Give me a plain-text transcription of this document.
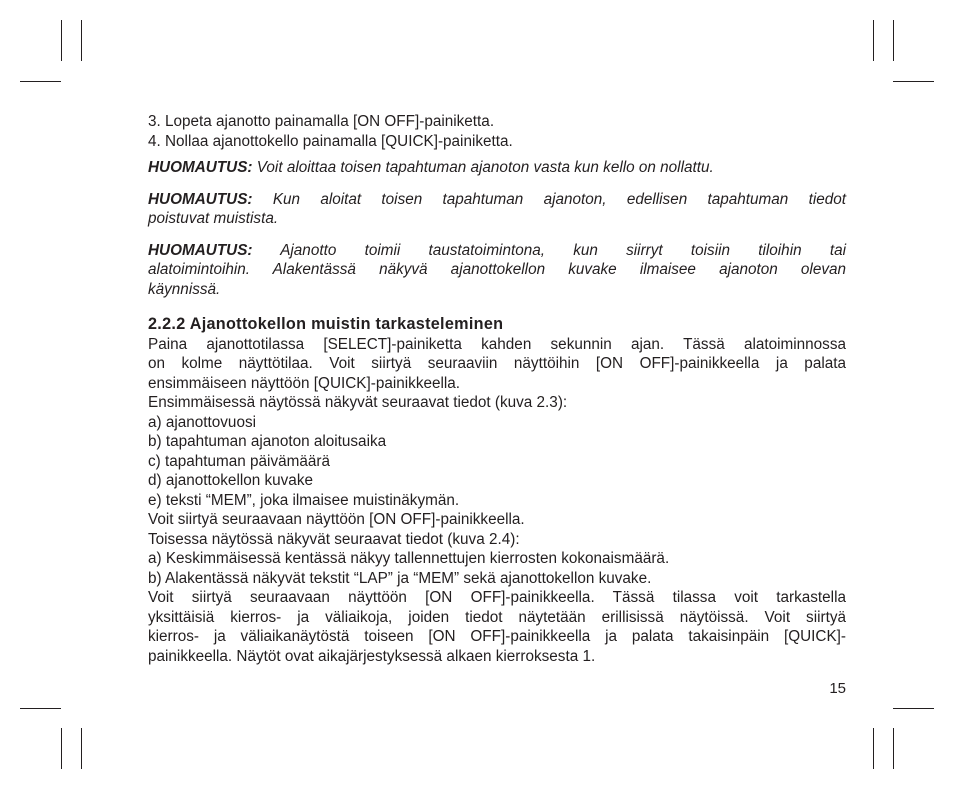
3. Lopeta ajanotto painamalla [ON OFF]-painiketta.
4. Nollaa ajanottokello painamalla [QUICK]-painiketta.
HUOMAUTUS: Voit aloittaa toisen tapahtuman ajanoton vasta kun kello on nollattu.
HUOMAUTUS: Kun aloitat toisen tapahtuman ajanoton, edellisen tapahtuman tiedot
poistuvat muistista.
HUOMAUTUS: Ajanotto toimii taustatoimintona, kun siirryt toisiin tiloihin tai
alatoimintoihin. Alakentässä näkyvä ajanottokellon kuvake ilmaisee ajanoton olevan
käynnissä.
2.2.2 Ajanottokellon muistin tarkasteleminen
Paina ajanottotilassa [SELECT]-painiketta kahden sekunnin ajan. Tässä alatoiminnossa
on kolme näyttötilaa. Voit siirtyä seuraaviin näyttöihin [ON OFF]-painikkeella ja palata
ensimmäiseen näyttöön [QUICK]-painikkeella.
Ensimmäisessä näytössä näkyvät seuraavat tiedot (kuva 2.3):
a) ajanottovuosi
b) tapahtuman ajanoton aloitusaika
c) tapahtuman päivämäärä
d) ajanottokellon kuvake
e) teksti “MEM”, joka ilmaisee muistinäkymän.
Voit siirtyä seuraavaan näyttöön [ON OFF]-painikkeella.
Toisessa näytössä näkyvät seuraavat tiedot (kuva 2.4):
a) Keskimmäisessä kentässä näkyy tallennettujen kierrosten kokonaismäärä.
b) Alakentässä näkyvät tekstit “LAP” ja “MEM” sekä ajanottokellon kuvake.
Voit siirtyä seuraavaan näyttöön [ON OFF]-painikkeella. Tässä tilassa voit tarkastella
yksittäisiä kierros- ja väliaikoja, joiden tiedot näytetään erillisissä näytöissä. Voit siirtyä
kierros- ja väliaikanäytöstä toiseen [ON OFF]-painikkeella ja palata takaisinpäin [QUICK]-
painikkeella. Näytöt ovat aikajärjestyksessä alkaen kierroksesta 1.
15
